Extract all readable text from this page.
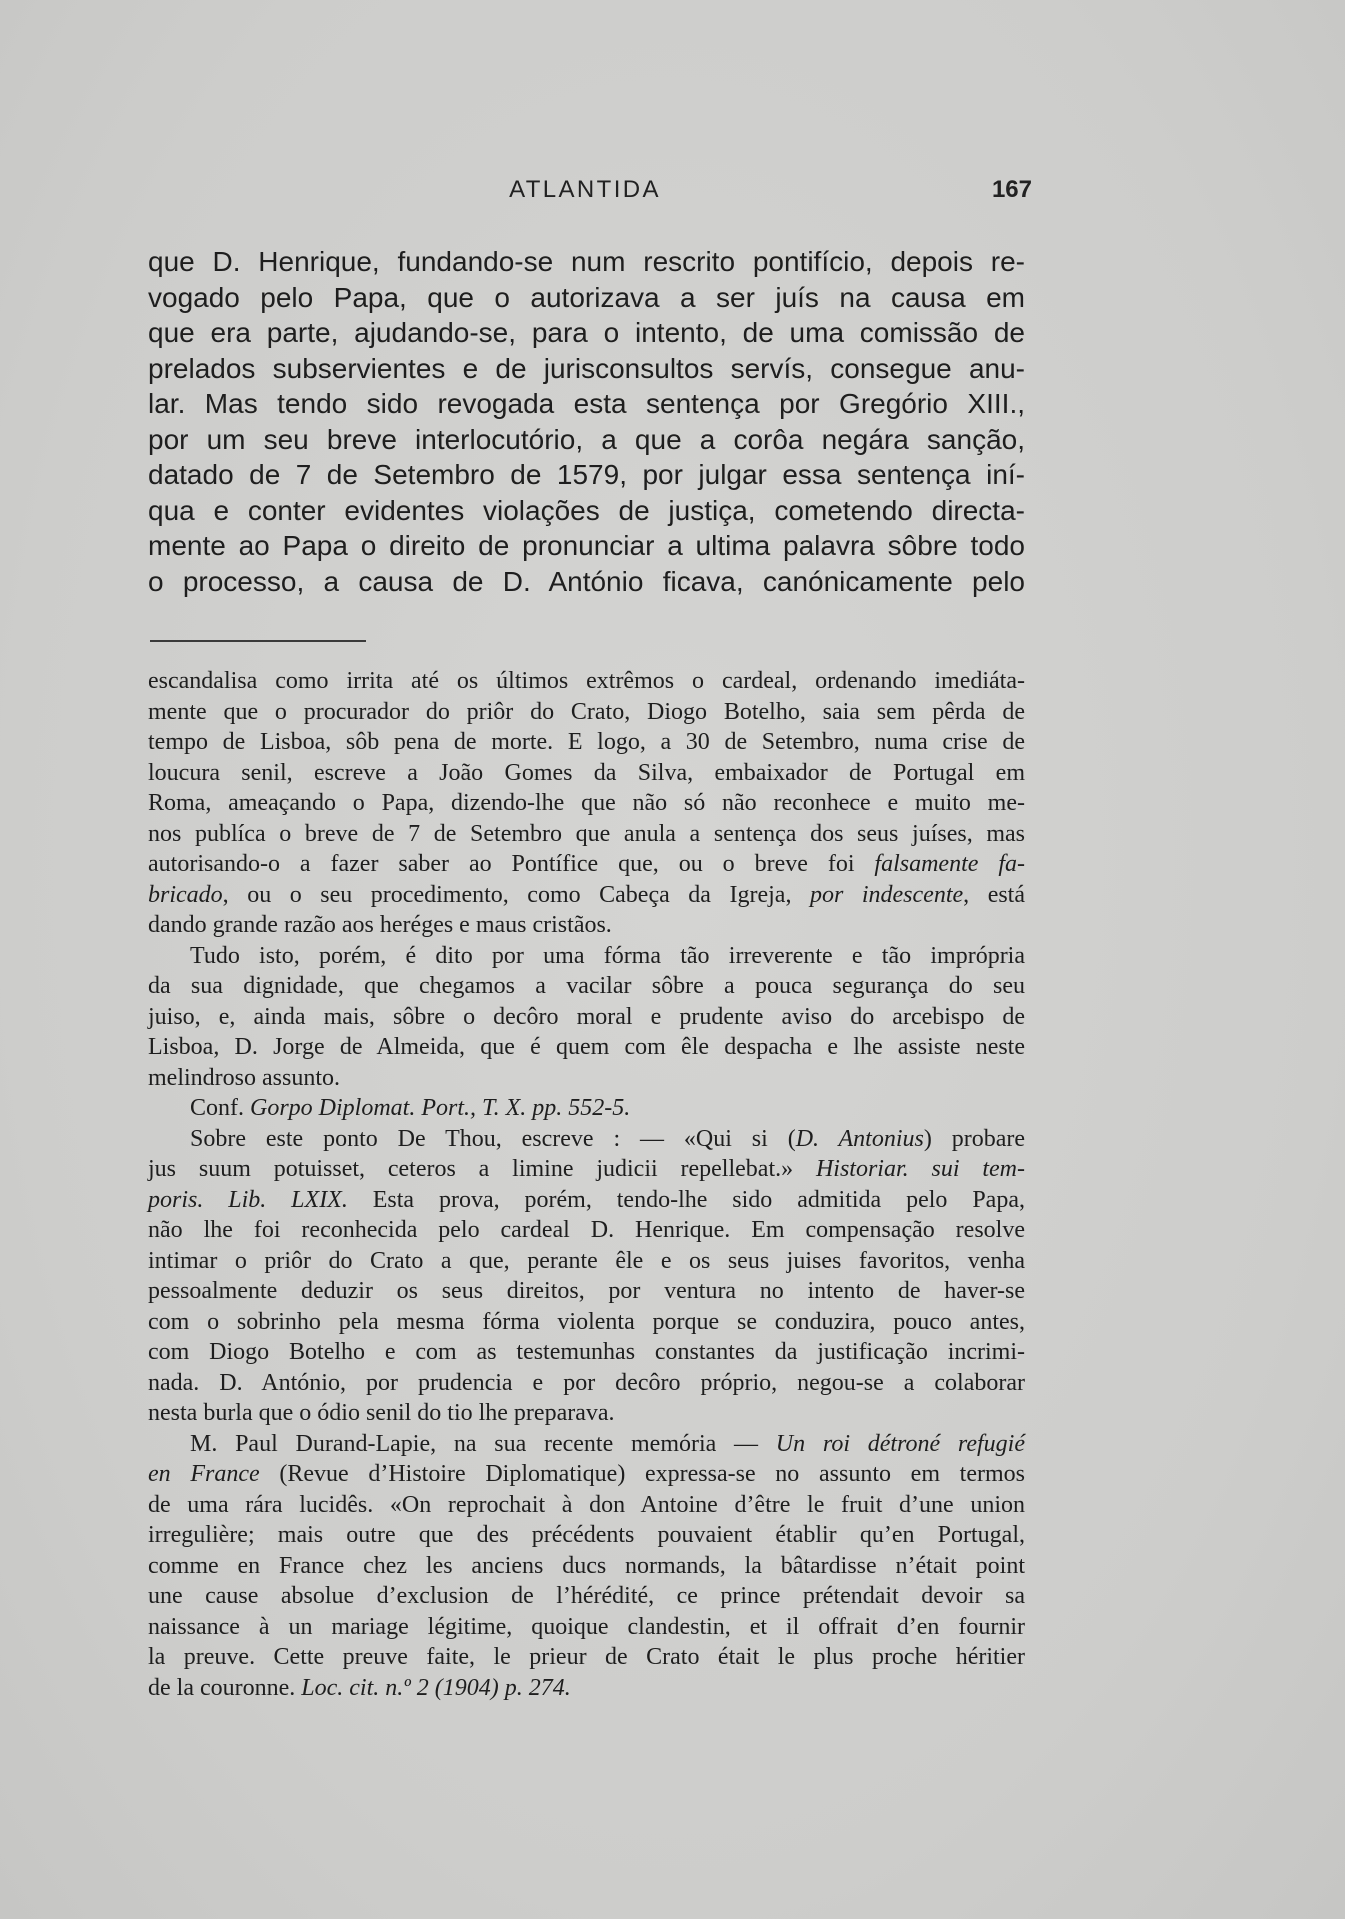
ATLANTIDA	167
que D. Henrique, fundando-se num rescrito pontifício, depois re-
vogado pelo Papa, que o autorizava a ser juís na causa em
que era parte, ajudando-se, para o intento, de uma comissão de
prelados subservientes e de jurisconsultos servís, consegue anu-
lar. Mas tendo sido revogada esta sentença por Gregório XIII.,
por um seu breve interlocutório, a que a corôa negára sanção,
datado de 7 de Setembro de 1579, por julgar essa sentença iní-
qua e conter evidentes violações de justiça, cometendo directa-
mente ao Papa o direito de pronunciar a ultima palavra sôbre todo
o processo, a causa de D. António ficava, canónicamente pelo
escandalisa como irrita até os últimos extrêmos o cardeal, ordenando imediáta-
mente que o procurador do priôr do Crato, Diogo Botelho, saia sem pêrda de
tempo de Lisboa, sôb pena de morte. E logo, a 30 de Setembro, numa crise de
loucura senil, escreve a João Gomes da Silva, embaixador de Portugal em
Roma, ameaçando o Papa, dizendo-lhe que não só não reconhece e muito me-
nos publíca o breve de 7 de Setembro que anula a sentença dos seus juíses, mas
autorisando-o a fazer saber ao Pontífice que, ou o breve foi falsamente fa-
bricado, ou o seu procedimento, como Cabeça da Igreja, por indescente, está
dando grande razão aos heréges e maus cristãos.
Tudo isto, porém, é dito por uma fórma tão irreverente e tão imprópria
da sua dignidade, que chegamos a vacilar sôbre a pouca segurança do seu
juiso, e, ainda mais, sôbre o decôro moral e prudente aviso do arcebispo de
Lisboa, D. Jorge de Almeida, que é quem com êle despacha e lhe assiste neste
melindroso assunto.
Conf. Gorpo Diplomat. Port., T. X. pp. 552-5.
Sobre este ponto De Thou, escreve : — «Qui si (D. Antonius) probare
jus suum potuisset, ceteros a limine judicii repellebat.» Historiar. sui tem-
poris. Lib. LXIX. Esta prova, porém, tendo-lhe sido admitida pelo Papa,
não lhe foi reconhecida pelo cardeal D. Henrique. Em compensação resolve
intimar o priôr do Crato a que, perante êle e os seus juises favoritos, venha
pessoalmente deduzir os seus direitos, por ventura no intento de haver-se
com o sobrinho pela mesma fórma violenta porque se conduzira, pouco antes,
com Diogo Botelho e com as testemunhas constantes da justificação incrimi-
nada. D. António, por prudencia e por decôro próprio, negou-se a colaborar
nesta burla que o ódio senil do tio lhe preparava.
M. Paul Durand-Lapie, na sua recente memória — Un roi détroné refugié
en France (Revue d’Histoire Diplomatique) expressa-se no assunto em termos
de uma rára lucidês. «On reprochait à don Antoine d’être le fruit d’une union
irregulière; mais outre que des précédents pouvaient établir qu’en Portugal,
comme en France chez les anciens ducs normands, la bâtardisse n’était point
une cause absolue d’exclusion de l’hérédité, ce prince prétendait devoir sa
naissance à un mariage légitime, quoique clandestin, et il offrait d’en fournir
la preuve. Cette preuve faite, le prieur de Crato était le plus proche héritier
de la couronne. Loc. cit. n.º 2 (1904) p. 274.
